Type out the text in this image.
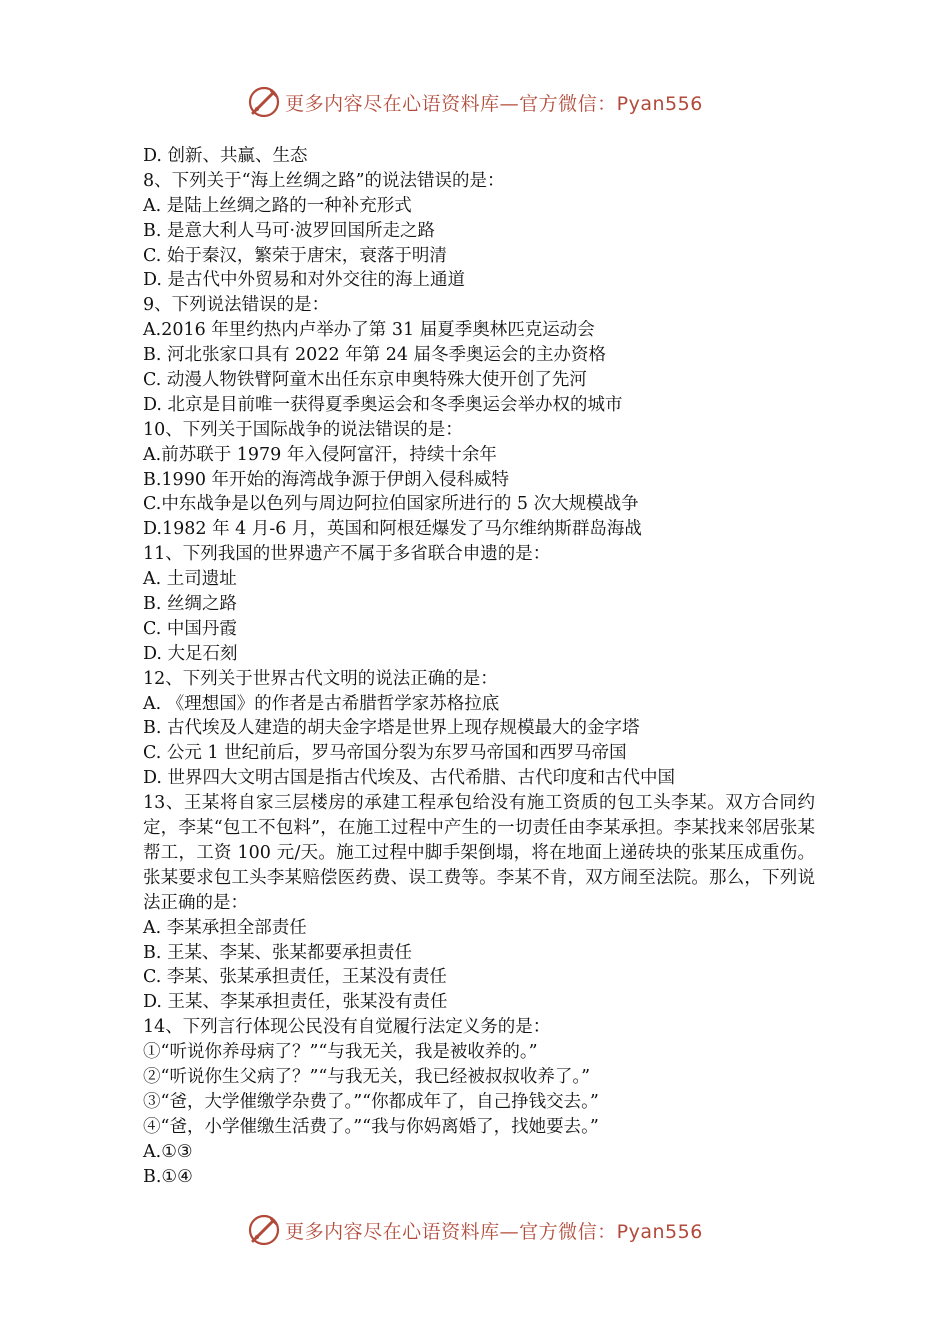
更多内容尽在心语资料库—官方微信：Pyan556
D. 创新、共赢、生态
8、下列关于“海上丝绸之路”的说法错误的是：
A. 是陆上丝绸之路的一种补充形式
B. 是意大利人马可·波罗回国所走之路
C. 始于秦汉，繁荣于唐宋，衰落于明清
D. 是古代中外贸易和对外交往的海上通道
9、下列说法错误的是：
A.2016 年里约热内卢举办了第 31 届夏季奥林匹克运动会
B. 河北张家口具有 2022 年第 24 届冬季奥运会的主办资格
C. 动漫人物铁臂阿童木出任东京申奥特殊大使开创了先河
D. 北京是目前唯一获得夏季奥运会和冬季奥运会举办权的城市
10、下列关于国际战争的说法错误的是：
A.前苏联于 1979 年入侵阿富汗，持续十余年
B.1990 年开始的海湾战争源于伊朗入侵科威特
C.中东战争是以色列与周边阿拉伯国家所进行的 5 次大规模战争
D.1982 年 4 月-6 月，英国和阿根廷爆发了马尔维纳斯群岛海战
11、下列我国的世界遗产不属于多省联合申遗的是：
A. 土司遗址
B. 丝绸之路
C. 中国丹霞
D. 大足石刻
12、下列关于世界古代文明的说法正确的是：
A. 《理想国》的作者是古希腊哲学家苏格拉底
B. 古代埃及人建造的胡夫金字塔是世界上现存规模最大的金字塔
C. 公元 1 世纪前后，罗马帝国分裂为东罗马帝国和西罗马帝国
D. 世界四大文明古国是指古代埃及、古代希腊、古代印度和古代中国
13、王某将自家三层楼房的承建工程承包给没有施工资质的包工头李某。双方合同约定，李某“包工不包料”，在施工过程中产生的一切责任由李某承担。李某找来邻居张某帮工，工资 100 元/天。施工过程中脚手架倒塌，将在地面上递砖块的张某压成重伤。张某要求包工头李某赔偿医药费、误工费等。李某不肯，双方闹至法院。那么，下列说法正确的是：
A. 李某承担全部责任
B. 王某、李某、张某都要承担责任
C. 李某、张某承担责任，王某没有责任
D. 王某、李某承担责任，张某没有责任
14、下列言行体现公民没有自觉履行法定义务的是：
①“听说你养母病了？”“与我无关，我是被收养的。”
②“听说你生父病了？”“与我无关，我已经被叔叔收养了。”
③“爸，大学催缴学杂费了。”“你都成年了，自己挣钱交去。”
④“爸，小学催缴生活费了。”“我与你妈离婚了，找她要去。”
A.①③
B.①④
更多内容尽在心语资料库—官方微信：Pyan556
